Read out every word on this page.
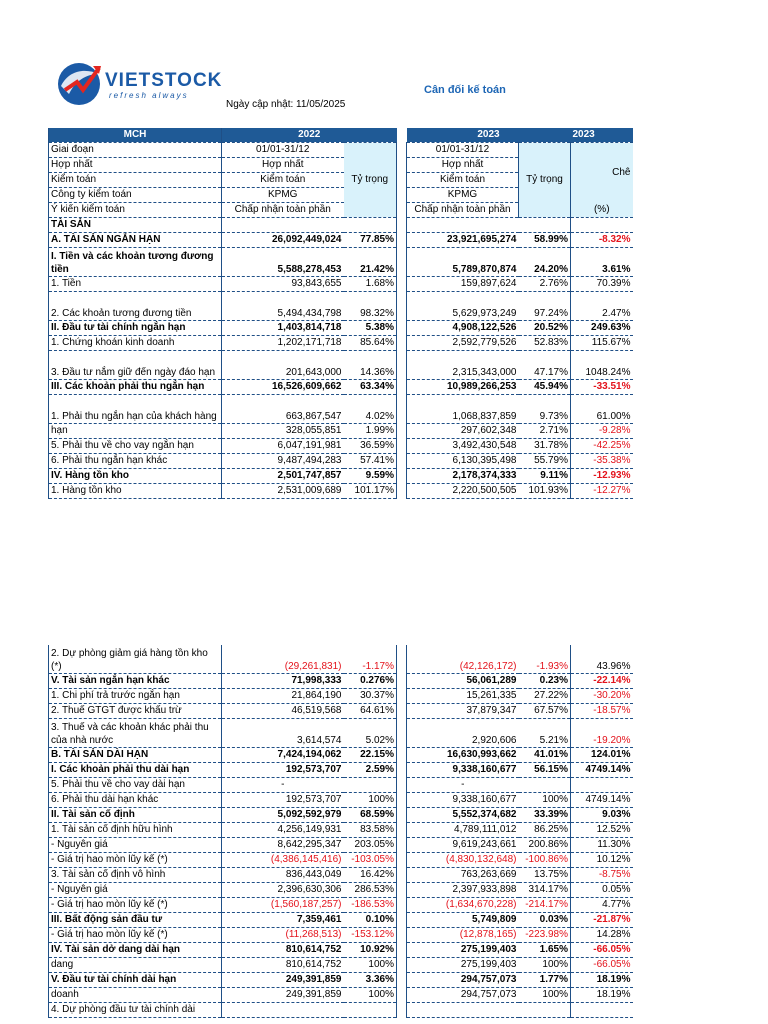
VIETSTOCK
refresh always
Ngày cập nhật: 11/05/2025
Cân đối kế toán
MCH	2022			2023		2023
Giai đoạn	01/01-31/12	Tỷ trọng		01/01-31/12	Tỷ trọng	Chê
Hợp nhất	Hợp nhất			Hợp nhất		
Kiểm toán	Kiểm toán			Kiểm toán		
Công ty kiểm toán	KPMG			KPMG		
Ý kiến kiểm toán	Chấp nhận toàn phần			Chấp nhận toàn phần		(%)
TÀI SẢN						
A. TÀI SẢN NGẮN HẠN	26,092,449,024	77.85%		23,921,695,274	58.99%	-8.32%
I. Tiền và các khoản tương đương tiền	5,588,278,453	21.42%		5,789,870,874	24.20%	3.61%
1. Tiền	93,843,655	1.68%		159,897,624	2.76%	70.39%
2. Các khoản tương đương tiền	5,494,434,798	98.32%		5,629,973,249	97.24%	2.47%
II. Đầu tư tài chính ngắn hạn	1,403,814,718	5.38%		4,908,122,526	20.52%	249.63%
1. Chứng khoán kinh doanh	1,202,171,718	85.64%		2,592,779,526	52.83%	115.67%
3. Đầu tư nắm giữ đến ngày đáo hạn	201,643,000	14.36%		2,315,343,000	47.17%	1048.24%
III. Các khoản phải thu ngắn hạn	16,526,609,662	63.34%		10,989,266,253	45.94%	-33.51%
1. Phải thu ngắn hạn của khách hàng	663,867,547	4.02%		1,068,837,859	9.73%	61.00%
hạn	328,055,851	1.99%		297,602,348	2.71%	-9.28%
5. Phải thu về cho vay ngắn hạn	6,047,191,981	36.59%		3,492,430,548	31.78%	-42.25%
6. Phải thu ngắn hạn khác	9,487,494,283	57.41%		6,130,395,498	55.79%	-35.38%
IV. Hàng tồn kho	2,501,747,857	9.59%		2,178,374,333	9.11%	-12.93%
1. Hàng tồn kho	2,531,009,689	101.17%		2,220,500,505	101.93%	-12.27%
2. Dự phòng giảm giá hàng tồn kho (*)	(29,261,831)	-1.17%		(42,126,172)	-1.93%	43.96%
V. Tài sản ngắn hạn khác	71,998,333	0.276%		56,061,289	0.23%	-22.14%
1. Chi phí trả trước ngắn hạn	21,864,190	30.37%		15,261,335	27.22%	-30.20%
2. Thuế GTGT được khấu trừ	46,519,568	64.61%		37,879,347	67.57%	-18.57%
3. Thuế và các khoản khác phải thu của nhà nước	3,614,574	5.02%		2,920,606	5.21%	-19.20%
B. TÀI SẢN DÀI HẠN	7,424,194,062	22.15%		16,630,993,662	41.01%	124.01%
I. Các khoản phải thu dài hạn	192,573,707	2.59%		9,338,160,677	56.15%	4749.14%
5. Phải thu về cho vay dài hạn	-			-		
6. Phải thu dài hạn khác	192,573,707	100%		9,338,160,677	100%	4749.14%
II. Tài sản cố định	5,092,592,979	68.59%		5,552,374,682	33.39%	9.03%
1. Tài sản cố định hữu hình	4,256,149,931	83.58%		4,789,111,012	86.25%	12.52%
- Nguyên giá	8,642,295,347	203.05%		9,619,243,661	200.86%	11.30%
- Giá trị hao mòn lũy kế (*)	(4,386,145,416)	-103.05%		(4,830,132,648)	-100.86%	10.12%
3. Tài sản cố định vô hình	836,443,049	16.42%		763,263,669	13.75%	-8.75%
- Nguyên giá	2,396,630,306	286.53%		2,397,933,898	314.17%	0.05%
- Giá trị hao mòn lũy kế (*)	(1,560,187,257)	-186.53%		(1,634,670,228)	-214.17%	4.77%
III. Bất động sản đầu tư	7,359,461	0.10%		5,749,809	0.03%	-21.87%
- Giá trị hao mòn lũy kế (*)	(11,268,513)	-153.12%		(12,878,165)	-223.98%	14.28%
IV. Tài sản dở dang dài hạn	810,614,752	10.92%		275,199,403	1.65%	-66.05%
dang	810,614,752	100%		275,199,403	100%	-66.05%
V. Đầu tư tài chính dài hạn	249,391,859	3.36%		294,757,073	1.77%	18.19%
doanh	249,391,859	100%		294,757,073	100%	18.19%
4. Dự phòng đầu tư tài chính dài						
